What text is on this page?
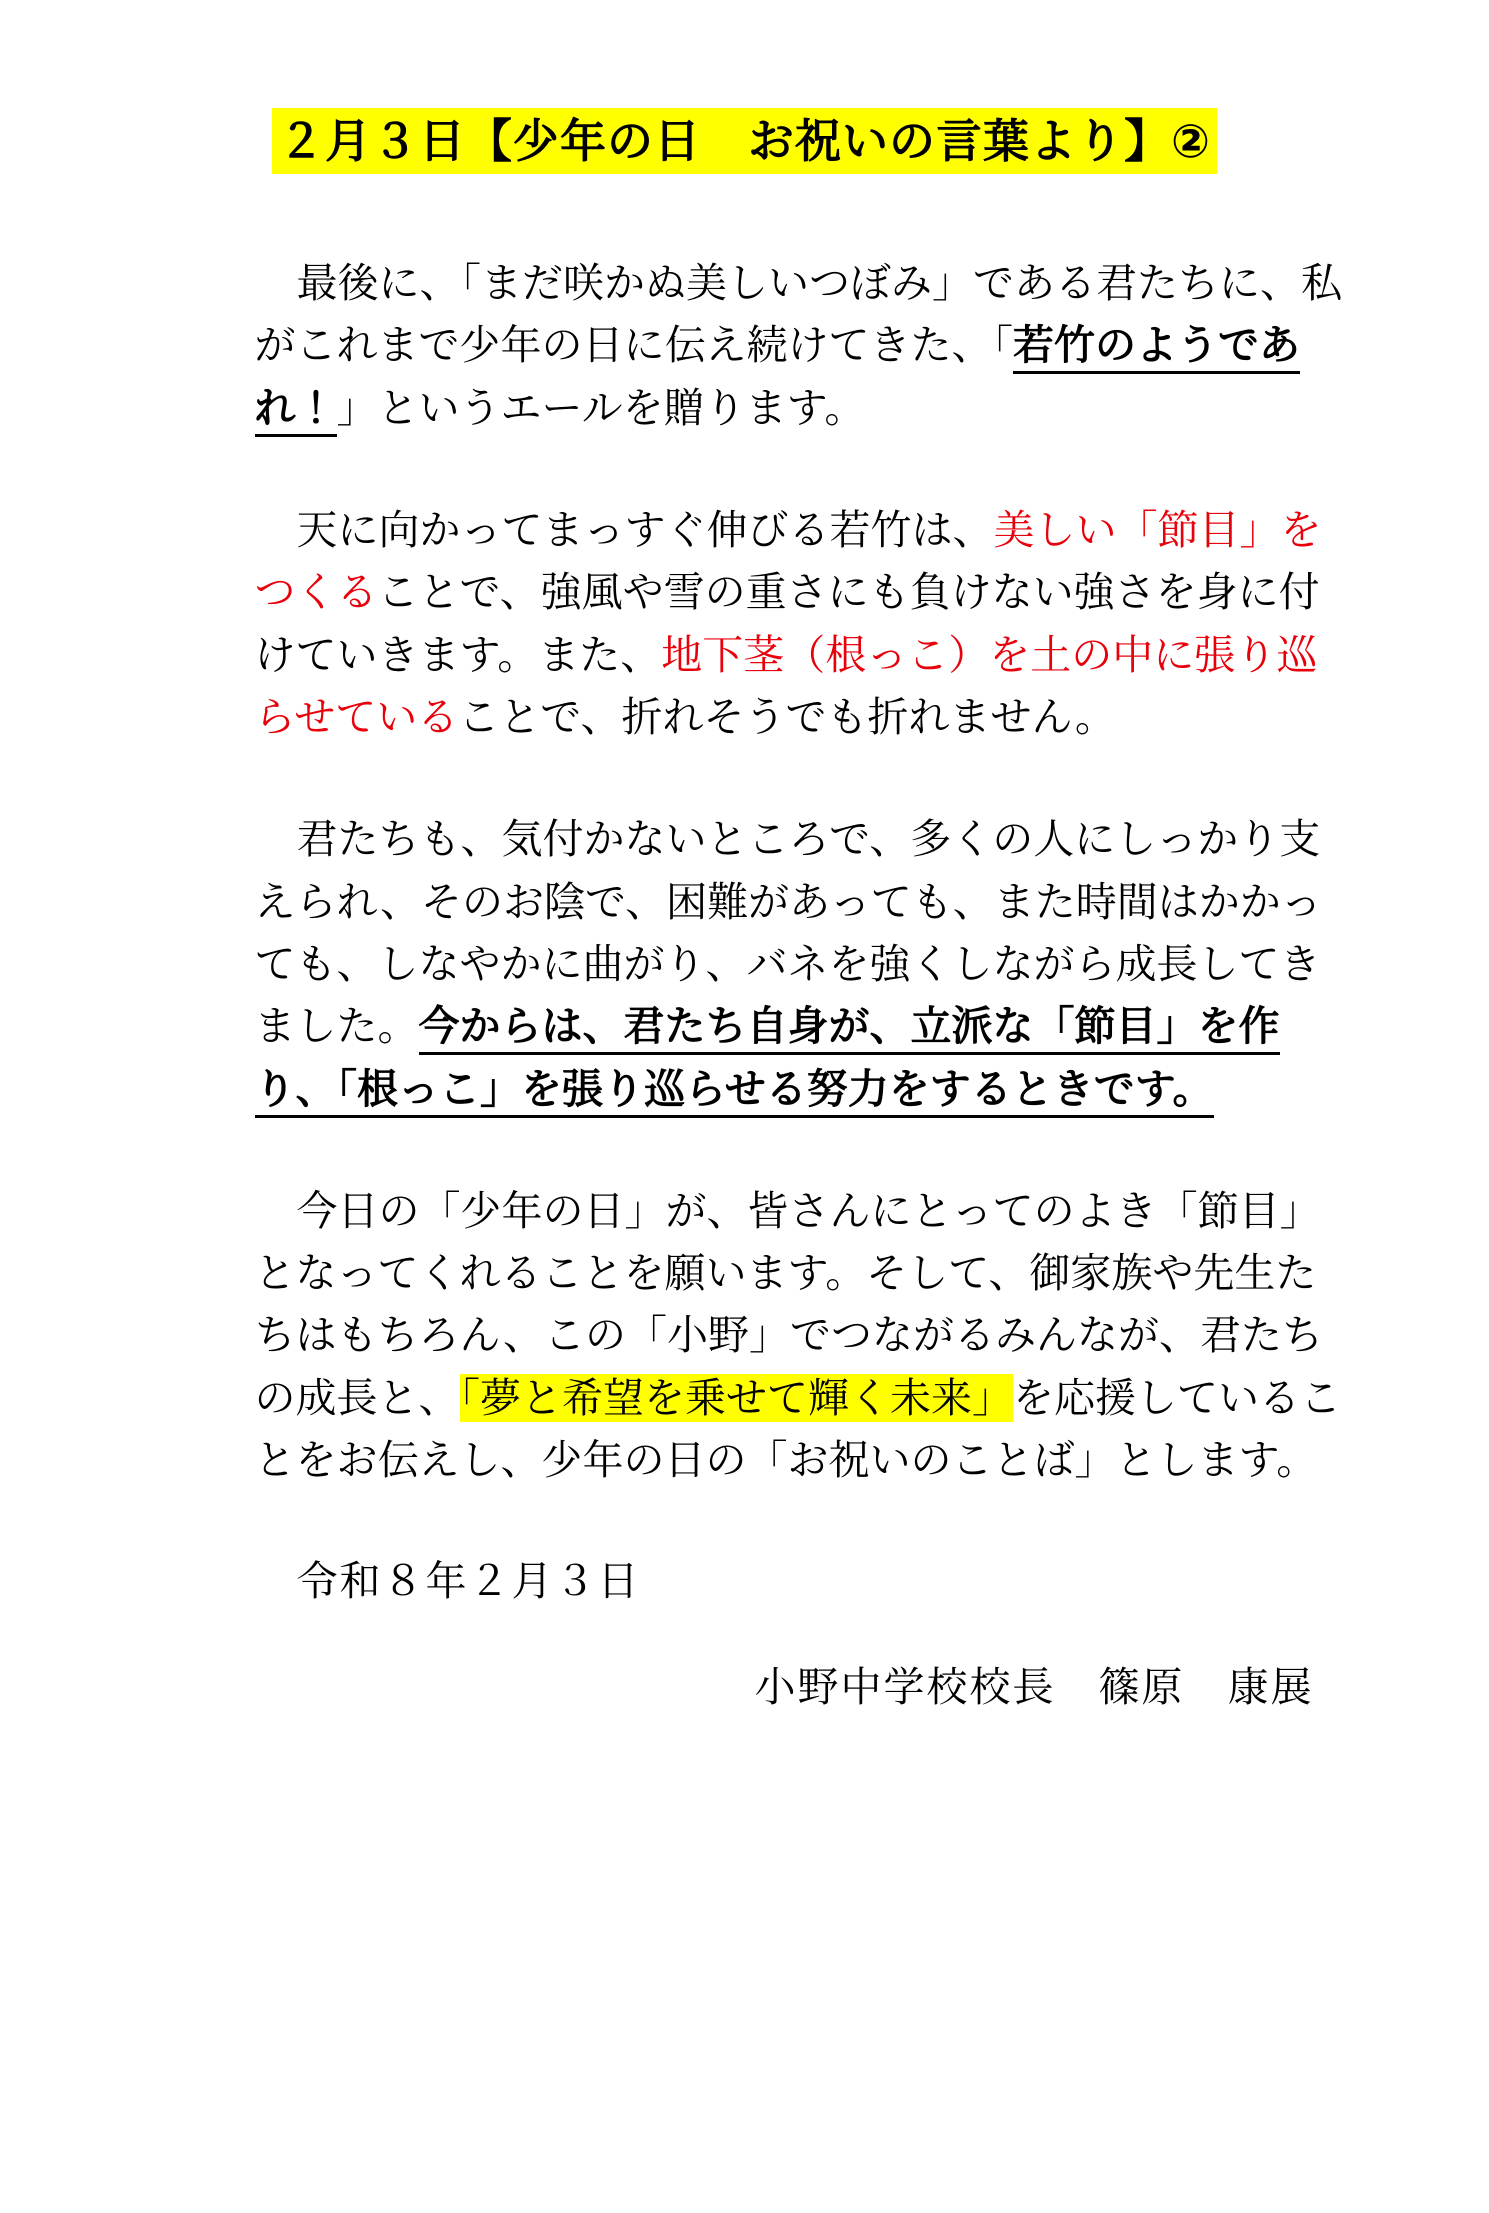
２月３日【少年の日　お祝いの言葉より】②

最後に、「まだ咲かぬ美しいつぼみ」である君たちに、私がこれまで少年の日に伝え続けてきた、「若竹のようであれ！」というエールを贈ります。

天に向かってまっすぐ伸びる若竹は、美しい「節目」をつくることで、強風や雪の重さにも負けない強さを身に付けていきます。また、地下茎（根っこ）を土の中に張り巡らせていることで、折れそうでも折れません。

君たちも、気付かないところで、多くの人にしっかり支えられ、そのお陰で、困難があっても、また時間はかかっても、しなやかに曲がり、バネを強くしながら成長してきました。今からは、君たち自身が、立派な「節目」を作り、「根っこ」を張り巡らせる努力をするときです。

今日の「少年の日」が、皆さんにとってのよき「節目」となってくれることを願います。そして、御家族や先生たちはもちろん、この「小野」でつながるみんなが、君たちの成長と、「夢と希望を乗せて輝く未来」を応援していることをお伝えし、少年の日の「お祝いのことば」とします。

令和８年２月３日

小野中学校校長　篠原　康展
